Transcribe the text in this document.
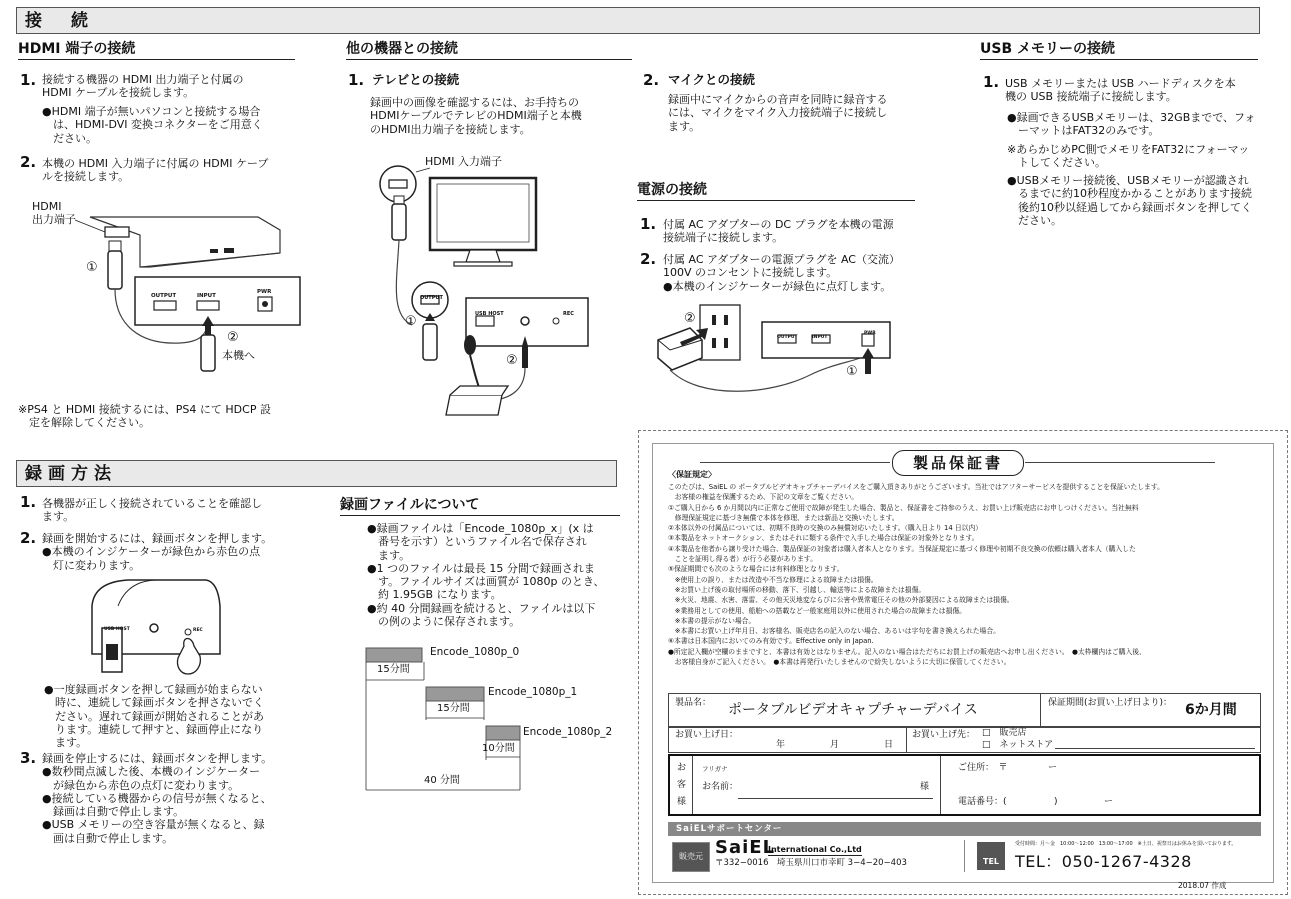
接　続
HDMI 端子の接続
1. 接続する機器の HDMI 出力端子と付属の
HDMI ケーブルを接続します。
●HDMI 端子が無いパソコンと接続する場合
　は、HDMI-DVI 変換コネクターをご用意く
　ださい。
2. 本機の HDMI 入力端子に付属の HDMI ケーブ
ルを接続します。
HDMI
出力端子
①
②
本機へ
OUTPUT	INPUT
PWR
※PS4 と HDMI 接続するには、PS4 にて HDCP 設
　定を解除してください。
他の機器との接続
1. テレビとの接続
録画中の画像を確認するには、お手持ちの
HDMIケーブルでテレビのHDMI端子と本機
のHDMI出力端子を接続します。
HDMI 入力端子
OUTPUT
USB HOST	REC
①
②
2. マイクとの接続
録画中にマイクからの音声を同時に録音する
には、マイクをマイク入力接続端子に接続し
ます。
電源の接続
1. 付属 AC アダプターの DC プラグを本機の電源
接続端子に接続します。
2. 付属 AC アダプターの電源プラグを AC（交流）
100V のコンセントに接続します。
●本機のインジケーターが緑色に点灯します。
②
①
OUTPUT	INPUT
PWR
USB メモリーの接続
1. USB メモリーまたは USB ハードディスクを本
機の USB 接続端子に接続します。
●録画できるUSBメモリーは、32GBまでで、フォ
　ーマットはFAT32のみです。
※あらかじめPC側でメモリをFAT32にフォーマッ
　トしてください。
●USBメモリー接続後、USBメモリーが認識され
　るまでに約10秒程度かかることがあります接続
　後約10秒以経過してから録画ボタンを押してく
　ださい。
録画方法
1. 各機器が正しく接続されていることを確認し
ます。
2. 録画を開始するには、録画ボタンを押します。
●本機のインジケーターが緑色から赤色の点
　灯に変わります。
USB HOST	REC
●一度録画ボタンを押して録画が始まらない
　時に、連続して録画ボタンを押さないでく
　ださい。遅れて録画が開始されることがあ
　ります。連続して押すと、録画停止になり
　ます。
3. 録画を停止するには、録画ボタンを押します。
●数秒間点滅した後、本機のインジケーター
　が緑色から赤色の点灯に変わります。
●接続している機器からの信号が無くなると、
　録画は自動で停止します。
●USB メモリーの空き容量が無くなると、録
　画は自動で停止します。
録画ファイルについて
●録画ファイルは「Encode_1080p_x」(x は
　番号を示す）というファイル名で保存され
　ます。
●1 つのファイルは最長 15 分間で録画されま
　す。ファイルサイズは画質が 1080p のとき、
　約 1.95GB になります。
●約 40 分間録画を続けると、ファイルは以下
　の例のように保存されます。
Encode_1080p_0
Encode_1080p_1
Encode_1080p_2
15分間
15分間
10分間
40 分間
製品保証書
〈保証規定〉
このたびは、SaiEL の ポータブルビデオキャプチャーデバイスをご購入頂きありがとうございます。当社ではアフターサービスを提供することを保証いたします。
　お客様の権益を保護するため、下記の文章をご覧ください。
①ご購入日から 6 か月間以内に正常なご使用で故障が発生した場合、製品と、保証書をご持参のうえ、お買い上げ販売店にお申しつけください。当社無料
　修理保証規定に基づき無償で本体を修理、または新品と交換いたします。
②本体以外の付属品については、初期不良時の交換のみ無償対応いたします。（購入日より 14 日以内）
③本製品をネットオークション、またはそれに類する条件で入手した場合は保証の対象外となります。
④本製品を他者から譲り受けた場合、製品保証の対象者は購入者本人となります。当保証規定に基づく修理や初期不良交換の依頼は購入者本人（購入した
　ことを証明し得る者）が行う必要があります。
⑤保証期間でも次のような場合には有料修理となります。
　※使用上の誤り、または改造や不当な修理による故障または損傷。
　※お買い上げ後の取付場所の移動、落下、引越し、輸送等による故障または損傷。
　※火災、地震、水害、落雷、その他天災地変ならびに公害や異常電圧その他の外部要因による故障または損傷。
　※業務用としての使用、船舶への搭載など一般家庭用以外に使用された場合の故障または損傷。
　※本書の提示がない場合。
　※本書にお買い上げ年月日、お客様名、販売店名の記入のない場合、あるいは字句を書き換えられた場合。
⑥本書は日本国内においてのみ有効です。Effective only in Japan.
●所定記入欄が空欄のままですと、本書は有効とはなりません。記入のない場合はただちにお買上げの販売店へお申し出ください。　●太枠欄内はご購入後、
　お客様自身がご記入ください。　●本書は再発行いたしませんので紛失しないように大切に保管してください。
製品名： ポータブルビデオキャプチャーデバイス	保証期間(お買い上げ日より)： 6か月間
お買い上げ日：
年	月	日
お買い上げ先： □　販売店
□　ネットストア
お
客
様
フリガナ
お名前：	様
ご住所：　〒	ー
電話番号：(	)	ー
SaiELサポートセンター
販売元 SaiEL
International Co.,Ltd
〒332−0016　埼玉県川口市幸町 3−4−20−403	TEL
受付時間：月〜金　10:00〜12:00　13:00〜17:00　※土日、祝祭日はお休みを頂いております。
TEL：050-1267-4328
2018.07 作成
